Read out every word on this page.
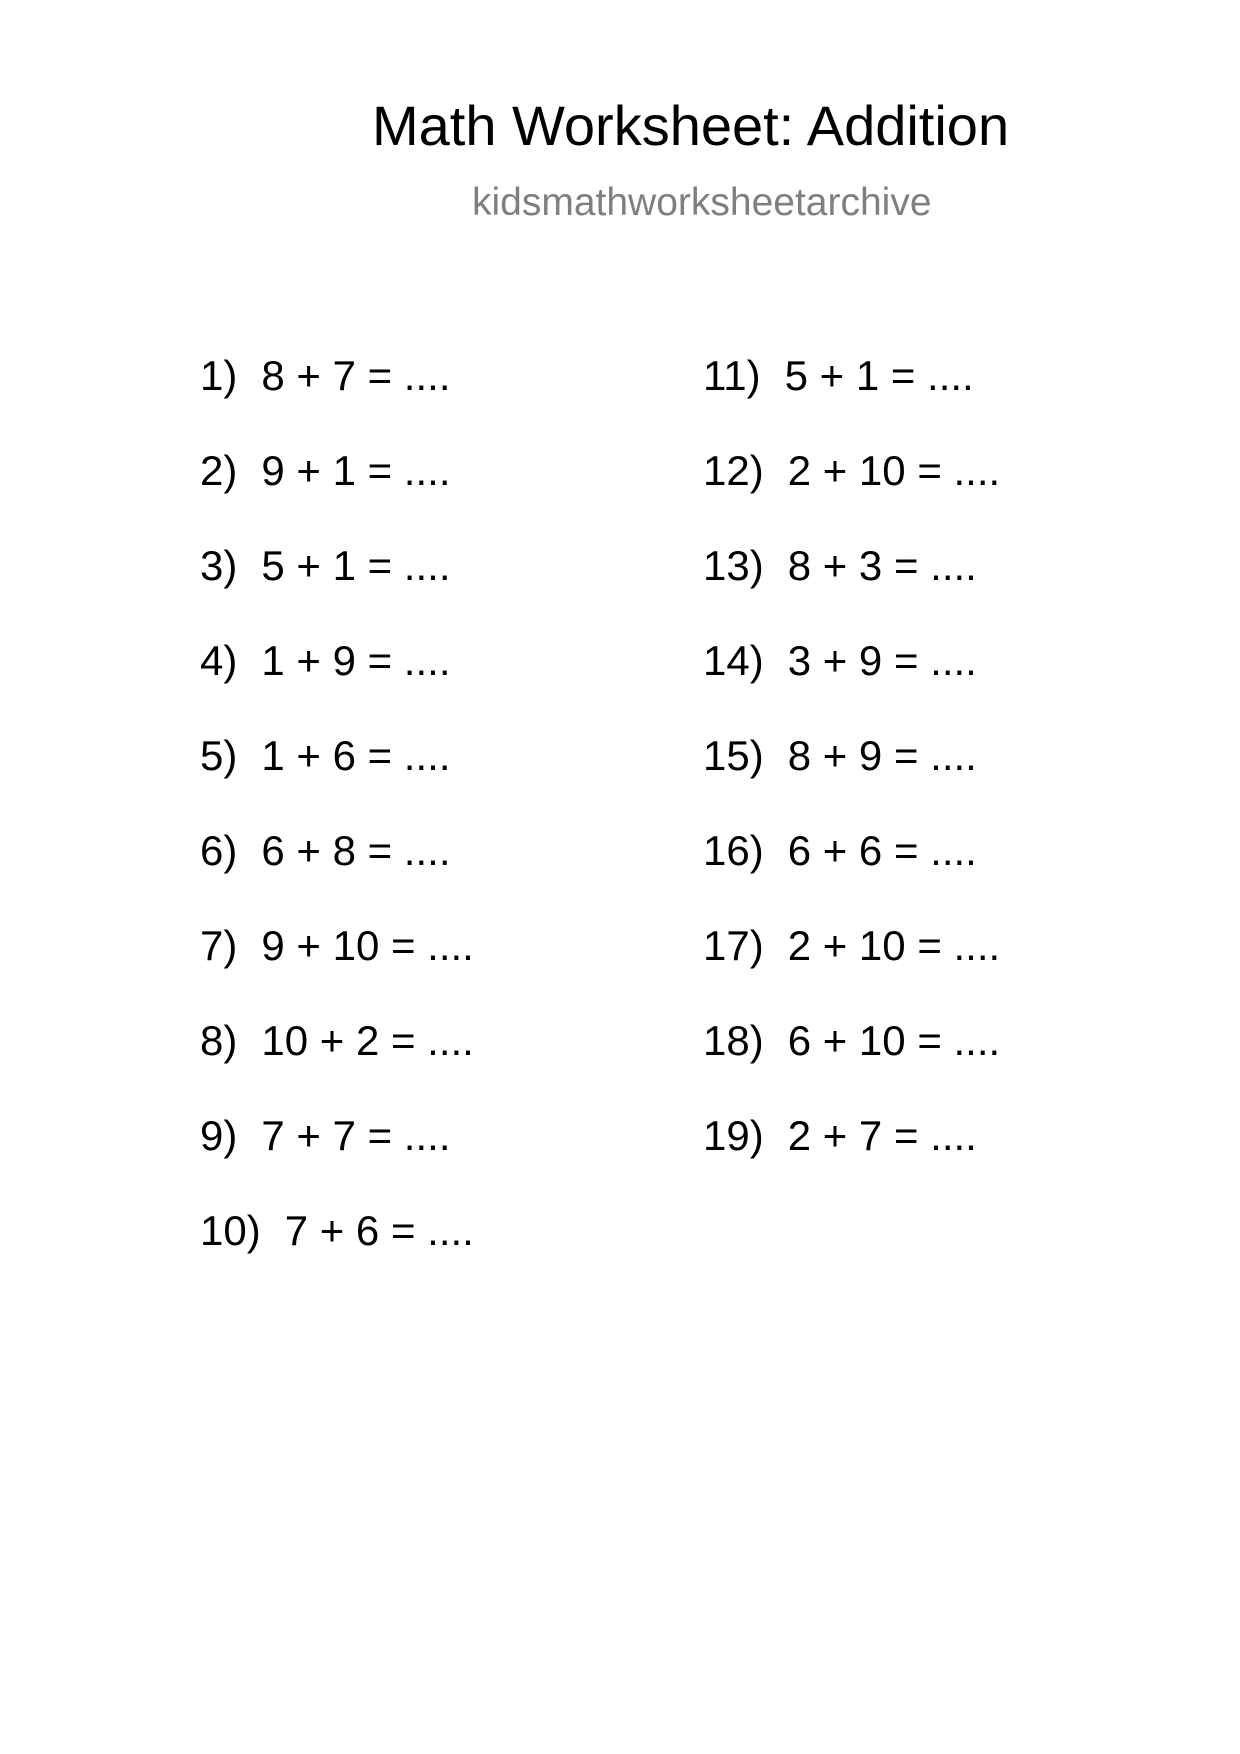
Math Worksheet: Addition
kidsmathworksheetarchive
1) 8 + 7 = ....
2) 9 + 1 = ....
3) 5 + 1 = ....
4) 1 + 9 = ....
5) 1 + 6 = ....
6) 6 + 8 = ....
7) 9 + 10 = ....
8) 10 + 2 = ....
9) 7 + 7 = ....
10) 7 + 6 = ....
11) 5 + 1 = ....
12) 2 + 10 = ....
13) 8 + 3 = ....
14) 3 + 9 = ....
15) 8 + 9 = ....
16) 6 + 6 = ....
17) 2 + 10 = ....
18) 6 + 10 = ....
19) 2 + 7 = ....
